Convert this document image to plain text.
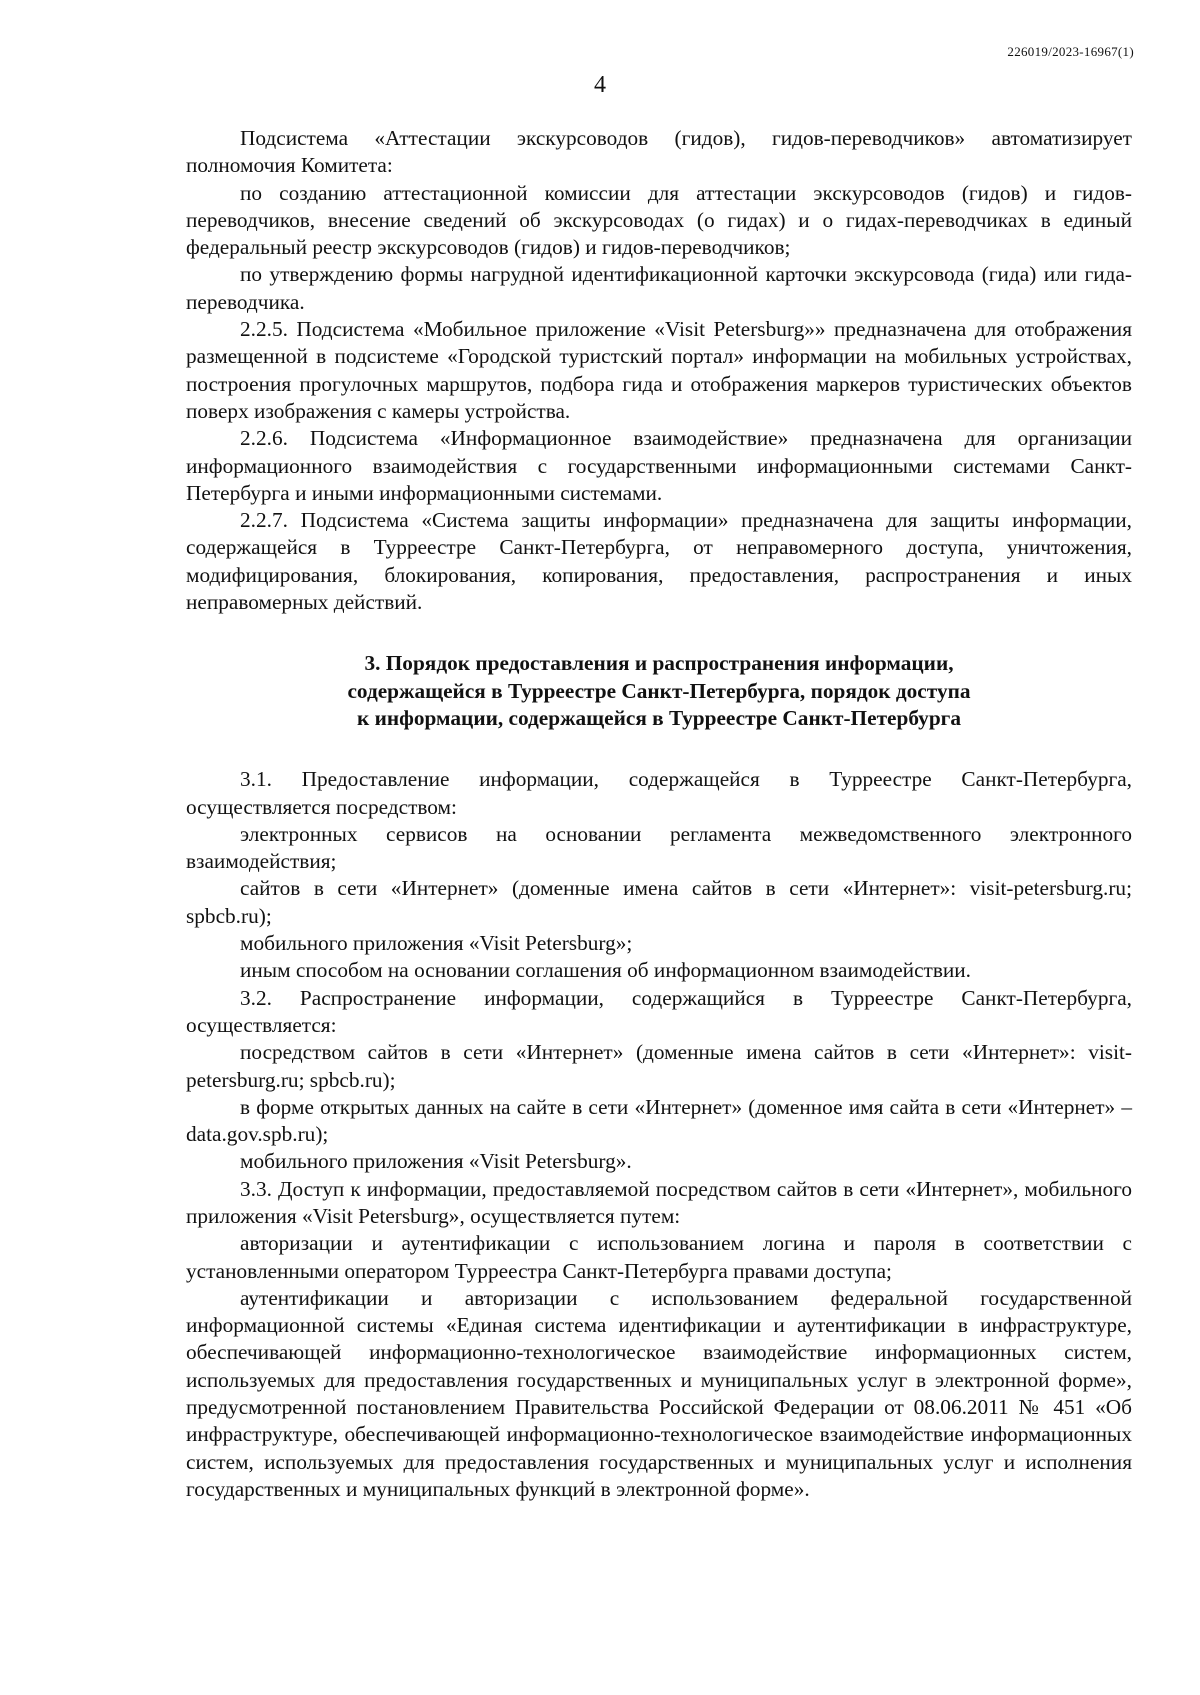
226019/2023-16967(1)
4

Подсистема «Аттестации экскурсоводов (гидов), гидов-переводчиков» автоматизирует полномочия Комитета:

по созданию аттестационной комиссии для аттестации экскурсоводов (гидов) и гидов-переводчиков, внесение сведений об экскурсоводах (о гидах) и о гидах-переводчиках в единый федеральный реестр экскурсоводов (гидов) и гидов-переводчиков;

по утверждению формы нагрудной идентификационной карточки экскурсовода (гида) или гида-переводчика.

2.2.5. Подсистема «Мобильное приложение «Visit Petersburg»» предназначена для отображения размещенной в подсистеме «Городской туристский портал» информации на мобильных устройствах, построения прогулочных маршрутов, подбора гида и отображения маркеров туристических объектов поверх изображения с камеры устройства.

2.2.6. Подсистема «Информационное взаимодействие» предназначена для организации информационного взаимодействия с государственными информационными системами Санкт-Петербурга и иными информационными системами.

2.2.7. Подсистема «Система защиты информации» предназначена для защиты информации, содержащейся в Турреестре Санкт-Петербурга, от неправомерного доступа, уничтожения, модифицирования, блокирования, копирования, предоставления, распространения и иных неправомерных действий.

3. Порядок предоставления и распространения информации,

содержащейся в Турреестре Санкт-Петербурга, порядок доступа

к информации, содержащейся в Турреестре Санкт-Петербурга

3.1. Предоставление информации, содержащейся в Турреестре Санкт-Петербурга, осуществляется посредством:

электронных сервисов на основании регламента межведомственного электронного взаимодействия;

сайтов в сети «Интернет» (доменные имена сайтов в сети «Интернет»: visit-petersburg.ru; spbcb.ru);

мобильного приложения «Visit Petersburg»;

иным способом на основании соглашения об информационном взаимодействии.

3.2. Распространение информации, содержащийся в Турреестре Санкт-Петербурга, осуществляется:

посредством сайтов в сети «Интернет» (доменные имена сайтов в сети «Интернет»: visit-petersburg.ru; spbcb.ru);

в форме открытых данных на сайте в сети «Интернет» (доменное имя сайта в сети «Интернет» – data.gov.spb.ru);

мобильного приложения «Visit Petersburg».

3.3. Доступ к информации, предоставляемой посредством сайтов в сети «Интернет», мобильного приложения «Visit Petersburg», осуществляется путем:

авторизации и аутентификации с использованием логина и пароля в соответствии с установленными оператором Турреестра Санкт-Петербурга правами доступа;

аутентификации и авторизации с использованием федеральной государственной информационной системы «Единая система идентификации и аутентификации в инфраструктуре, обеспечивающей информационно-технологическое взаимодействие информационных систем, используемых для предоставления государственных и муниципальных услуг в электронной форме», предусмотренной постановлением Правительства Российской Федерации от 08.06.2011 № 451 «Об инфраструктуре, обеспечивающей информационно-технологическое взаимодействие информационных систем, используемых для предоставления государственных и муниципальных услуг и исполнения государственных и муниципальных функций в электронной форме».
